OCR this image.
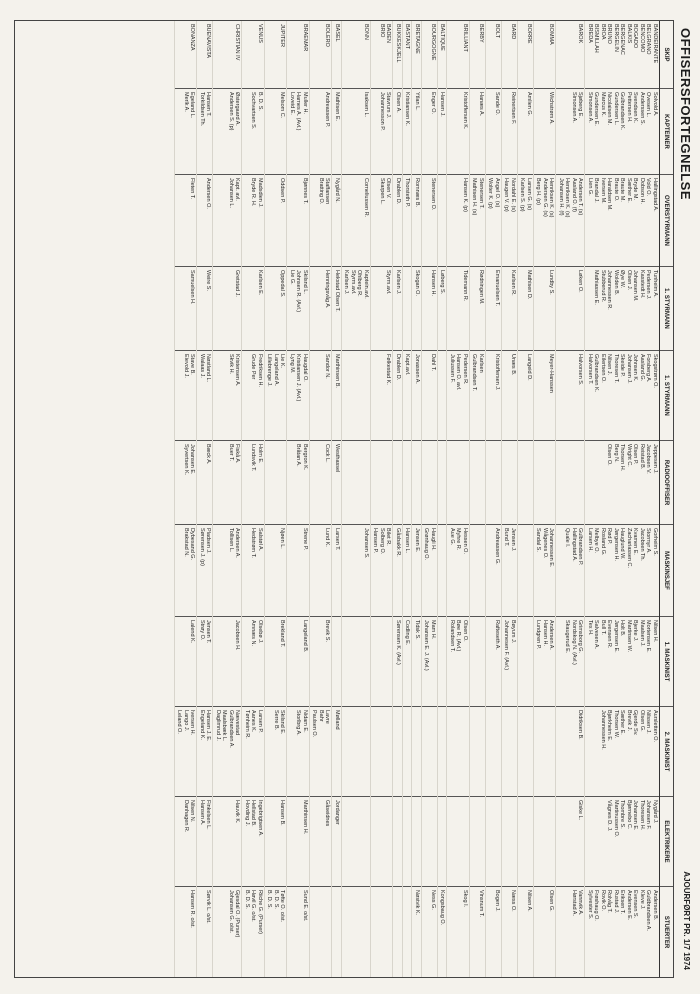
OFFISERSFORTEGNELSE
AJOURFØRT PR. 1/7 1974
SKIP
KAPTEINER
OVERSTYRMANN
1. STYRMANN
1. STYRMANN
RADIOOFFISER
MASKINSJEF
1. MASKINIST
2. MASKINIST
ELEKTRIKERE
STUERTER
BANDEIRANTE
BELGRANO
BENCOMO
BOGADO
BALKIS
BERGENAC
BERGELIN
BRUNO
BROA
BISMILLAH
BREDA
Solvold A.
Ovesen L.
Anderssen S.
Svendsen K.
Pettersen H.
Gulbrandsen K.
Gundersen L.
Nicolaisen M.
Marcus K.
Gundersen E.
Simonsen A.
Hallingstad A.
Vold O.
Dobson H.
Bryde M.
Sæther E.
Braute M.
Braute O.
Haraldsen M.
Iversen M.
Brandal J.
Lien G.
Tunheim A.
Pedersen J.
Kasstedt H.
Johansen M.
Olsen J.
Øye W.
Wolden B.
Johannessen R.
Stubberud R.
Mathiassen E.
Skogstrøm O.
Forsberg A.
Aasland G.
Johnsen K.
Johansen J.
Skeide P.
Thoresen T.
Nilsen J.
Eilertsen O.
Gulbrandsen K.
Halvorsen T.
Jeppesen J.
Jacobsen V.
Reistad B.
Olsen P.
Wright C.
Thorsen H.
Berg N.
Olsen O.
Gorheim S.
Stormyr A.
Jacobsen Th.
Kvamen E.
Zachariassen C.
Hauglund W.
Jørgensen H.
Rød P.
Rosland G.
Melbye O.
Larsen H.
Nilsen H.
Mortensen E.
Maalsen J.
Bjerke J.
Martinsen W.
Holt B.
Jørgensen E.
Evensen R.
Bull T.
Salvesen A.
Tex H.
Aursletten O.
Nilssen J.
Olsen G.
Gjerde Sv.
Brevik J.
Sæther E.
Thorsen W.
Bjørkheim E.
Johannessen H.
Nygård J.
Johansen F.
Thoresen H.
Johansen E.
Bjørnebo C.
Thombre S.
Martinussen O.
Vågnes D. J.
Andersen B.
Guldbrandsen A.
Kleve J.
Evensen S.
Andersen E.
Eriksen T.
Rustad J.
Rolvåg T.
Rovik O.
Frøshaug O.
Sylvester S.
BAROK
Sjøberg E.
Simonsen A.
Andersen T. (s)
Aasland O. (f)
Henriksen K. (s)
Johansen H. (f)
Løken O.
Halvorsen S.
Gulbrandsen P.
Hallingstad A.
Quale I.
Grimsborg G.
Nordskog N. (Avl.)
Skaugerud E.
Didriksen B.
Giske L.
Vannvik A.
Hørstad A.
BOMMA
Wichstrøm A.
Henriksen K. (s)
Andersen G. (s)
Berg H. (p)
Lundby S.
Meyer-Hanssen
Johannessen E.
Wågenes O.
Sandal S.
Andersen A.
Hansen H.
Lundgren P.
Olsen G.
BORRE
Amlien G.
Larsen G. (s)
Karlsen S. (p)
Mathisen D.
Langeid D.
Nilsen A.
BARD
Reinertsen F.
Nordahl E. (s)
Haugen V. (p)
Karlsen R.
Unæs B.
Jensen J.
Bund T.
Bøyum J.
Johannesen F. (Avl.)
Næss O.
BOLT
Sande O.
Angel O. (s)
Wolter K. (p)
Emanuelsen T.
Kristoffersen J.
Andreassen G.
Rafteseth A.
Bogen J.
BERBY
Hanæs A.
Stenersen T.
Mathisen H. (s)
Rødningen M.
Karlsen
Gulbrandsen T.
Vinsnum T.
BRILLIANT
Kristoffersen K.
Hansen K. (p)
Tidemann R.
Pedersen R.
Hansen O. avl.
Juliussen F.
Hessen O.
Myhre R.
Aue G.
Olsen O.
Bøe R. (Avl.)
Rolandsen T.
Skog I.
BALTIQUE
Hansen J.
Løberg S.
Kongsbaug O.
BOURGOGNE
Enger O.
Stenersen O.
Hansen H.
Dahl T.
Haugli H.
Grønhaug O.
Mam H.
Johansen E. J. (Avl.)
Ness G.
BRETAGNE
Ytlan L.
Romnæs B.
Skogan O.
Jonassen A.
Jensen E.
Tidsk S.
Nøstvik K.
BASTANT
Kristiansen K.
Thorsteth P.
Kapt.avl.
Hansen L.
Codling E.
BUKKESKJELL
Olsen A.
Drablen D.
Karlsen J.
Drablen D.
Gåsbakk R.
Sørensen K. (Avl.)
BADEN
BRIO
Stavrum J.
Johannesson P.
Olsen V.
Skarpen L.
Styrm.avl.
Følkestad K.
Bilet R.
Solberg O.
Hansen P.
BONN
Isaksen L.
Corneliussen R.
Kaptein.avl.
Ohlberg R.
Styrm.avl.
Karlsen J.
Johansen S.
BASEL
Mathisen E.
Nygård N.
Hekstad Olsen T.
Marthinsen B.
Westhassel
Larsen T.
Mølland
Jordanger
BOLERO
Andreassen P.
Staffansen
Bratting O.
Henningsvåg A.
Sandor N.
Cock L.
Lund K.
Brevik S.
Lavre
Bahr
Paulsen O.
Gåseidnes
BRAEMAR
Muller H.
Harnes A. (Avl.)
Loveid E.
Bjønnes T.
Skilsnd L.
Johnsen R. (Avl.)
Lie G.
Haugdal O.
Kristiansen J. (Avl.)
Lyng M.
Bergron K.
Bråtan A.
Strene P.
Langeland B.
Nidam E.
Storlbrg A.
Marthinsen H.
Sund E. o/st.
JUPITER
Melsom C.
Oddsen P.
Oppedal S.
Lie K.
Langeland A.
Lillebrenge J.
Njøen L.
Brekland T.
Skilsnd E.
Serre B.
Hansen B.
Tøfte O. o/st.
B. D. S.
B. D. S.
VENUS
B. D. S.
Sochvartsen S.
Madsdien J.
Bryde R. H.
Karlsen E.
Fredriksen H.
Grude Per
Holm E.
Lundsvik T.
Salstøl A.
Hedstrøm T.
Olsebø J.
Amnæs N.
Larsen P.
Aanes K.
Tønheim R.
Ingebrigtsen A.
Hellstad B.
Hovding J.
Riiche G. (Purser)
Høvil G. o/st.
B. D. S.
CHRISTIAN IV
Østergaard A.
Andersen S. (p)
Kapt. avl.
Johansen L.
Gretstad J.
Kristensen A.
Skvik H.
Fiskå A.
Buer T.
Andersen A.
Tollisen L.
Jacobsen H.
Nævestad
Gulbrandsen A.
Maalsbæk L.
Daglimrud J.
Hauvik K.
Gjesdal O. (Purser)
Johansen G. o/st.
BUENAVISTA
Hansen T.
Torkildsen Th.
Andersen O.
Weire S.
Nøstland L.
Walaas J.
Bæck A.
Pladsen J.
Sørensen J. (p)
Jensen T.
Strøy O.
Hansen J. E.
Engeland K.
Finkelsen L.
Hansen A.
Sørvik L. o/st.
BONANZA
Egeland L.
Merlk A.
Fleten T.
Samuelsen H.
Stave B.
Eievold J.
Johansen E.
Syvertsen K.
Dybesand G.
Brakstad N.
Lalend K.
Iversen H.
Lango J.
Leland O.
Nilsen N.
Danhagen R.
Hansen R. o/st.
